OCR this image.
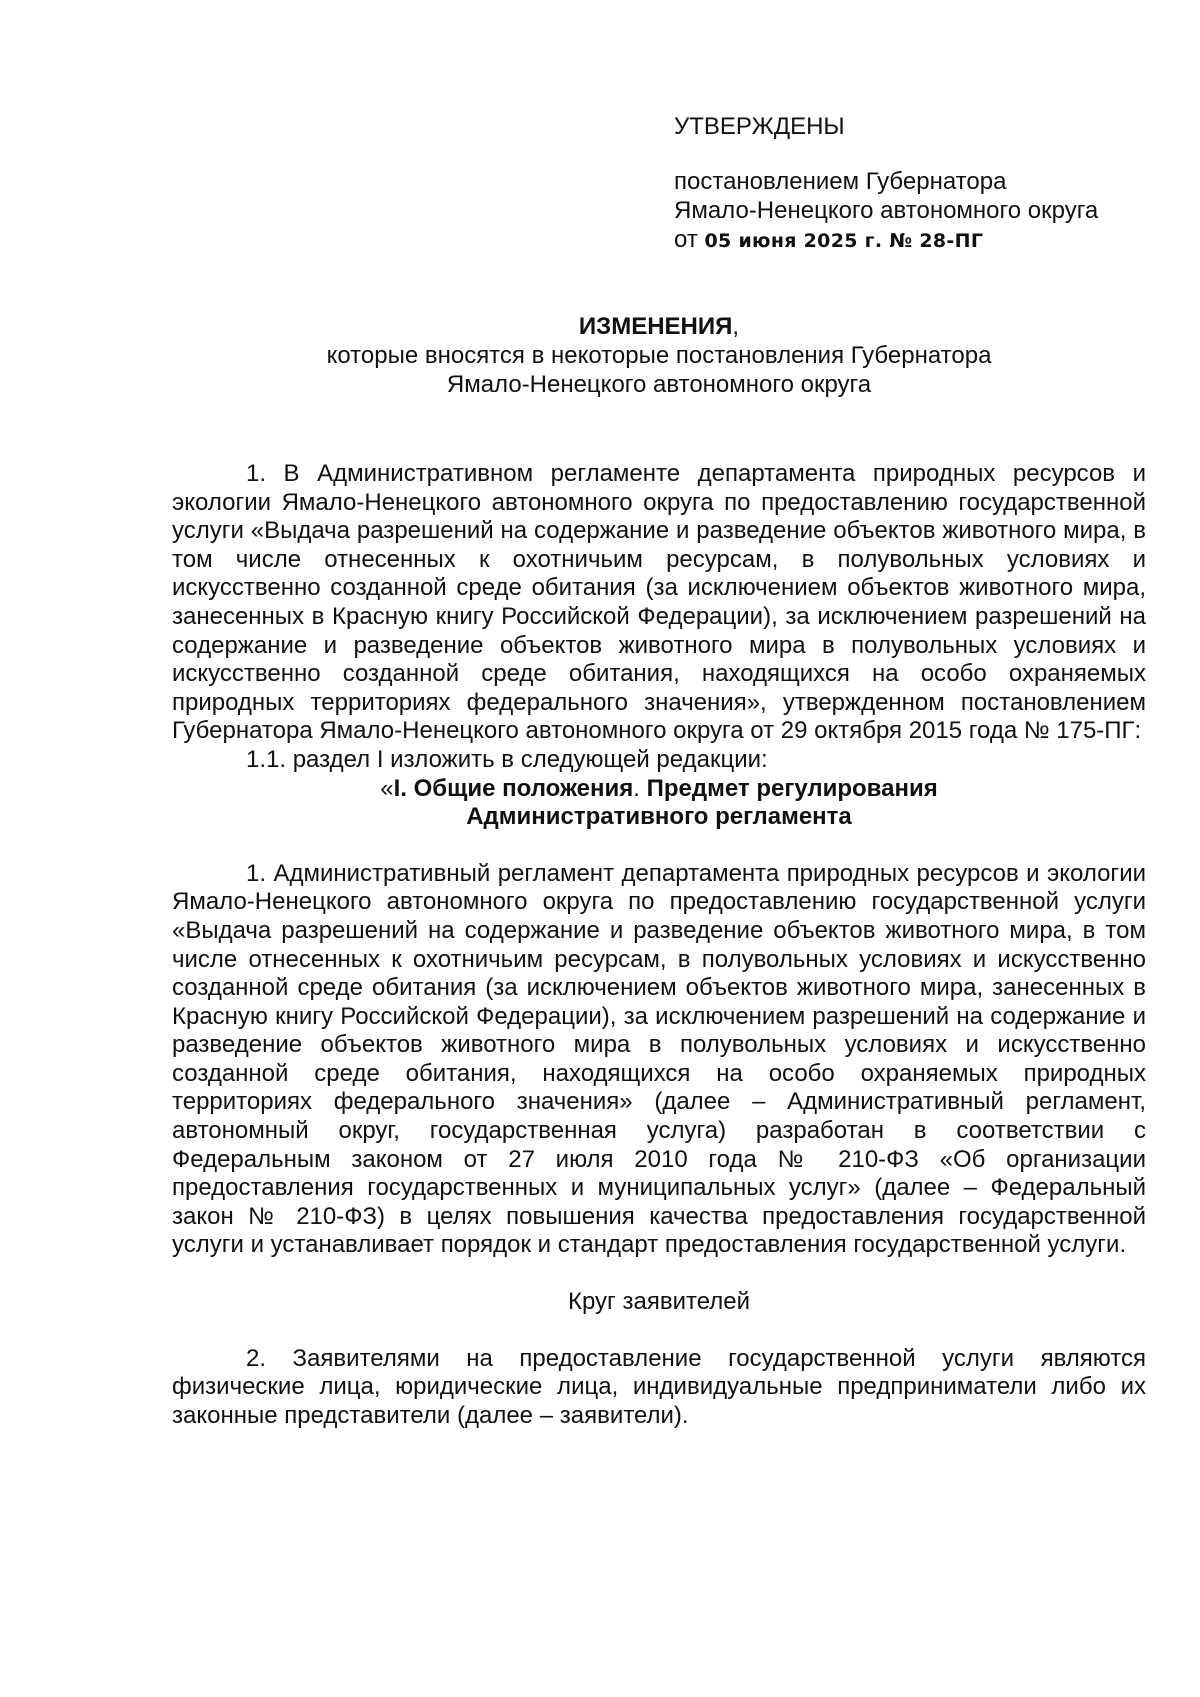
УТВЕРЖДЕНЫ

постановлением Губернатора

Ямало-Ненецкого автономного округа

от 05 июня 2025 г. № 28-ПГ

ИЗМЕНЕНИЯ,

которые вносятся в некоторые постановления Губернатора

Ямало-Ненецкого автономного округа

1. В Административном регламенте департамента природных ресурсов и экологии Ямало-Ненецкого автономного округа по предоставлению государственной услуги «Выдача разрешений на содержание и разведение объектов животного мира, в том числе отнесенных к охотничьим ресурсам, в полувольных условиях и искусственно созданной среде обитания (за исключением объектов животного мира, занесенных в Красную книгу Российской Федерации), за исключением разрешений на содержание и разведение объектов животного мира в полувольных условиях и искусственно созданной среде обитания, находящихся на особо охраняемых природных территориях федерального значения», утвержденном постановлением Губернатора Ямало-Ненецкого автономного округа от 29 октября 2015 года № 175-ПГ:

1.1. раздел I изложить в следующей редакции:

«I. Общие положения. Предмет регулирования

Административного регламента

1. Административный регламент департамента природных ресурсов и экологии Ямало-Ненецкого автономного округа по предоставлению государственной услуги «Выдача разрешений на содержание и разведение объектов животного мира, в том числе отнесенных к охотничьим ресурсам, в полувольных условиях и искусственно созданной среде обитания (за исключением объектов животного мира, занесенных в Красную книгу Российской Федерации), за исключением разрешений на содержание и разведение объектов животного мира в полувольных условиях и искусственно созданной среде обитания, находящихся на особо охраняемых природных территориях федерального значения» (далее – Административный регламент, автономный округ, государственная услуга) разработан в соответствии с Федеральным законом от 27 июля 2010 года № 210-ФЗ «Об организации предоставления государственных и муниципальных услуг» (далее – Федеральный закон № 210-ФЗ) в целях повышения качества предоставления государственной услуги и устанавливает порядок и стандарт предоставления государственной услуги.

Круг заявителей

2. Заявителями на предоставление государственной услуги являются физические лица, юридические лица, индивидуальные предприниматели либо их законные представители (далее – заявители).
